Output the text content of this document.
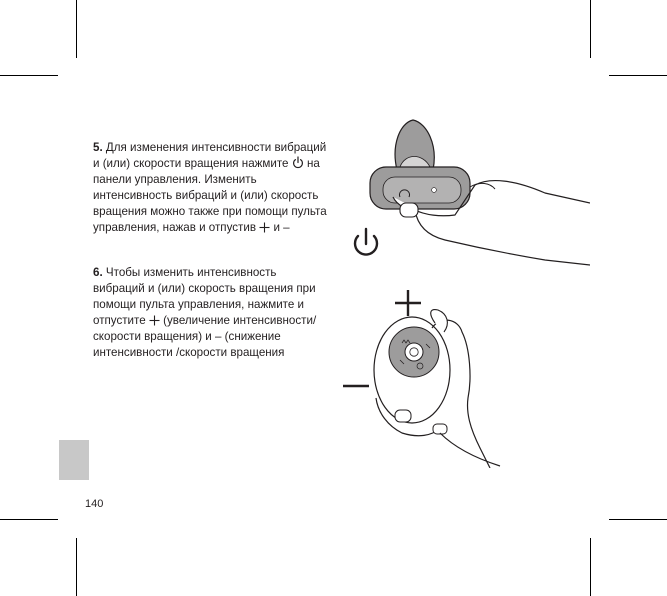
5. Для изменения интенсивности вибраций и (или) скорости вращения нажмите на панели управления. Изменить интенсивность вибраций и (или) скорость вращения можно также при помощи пульта управления, нажав и отпустив и –
6. Чтобы изменить интенсивность вибраций и (или) скорость вращения при помощи пульта управления, нажмите и отпустите (увеличение интенсивности/скорости вращения) и – (снижение интенсивности /скорости вращения
140
